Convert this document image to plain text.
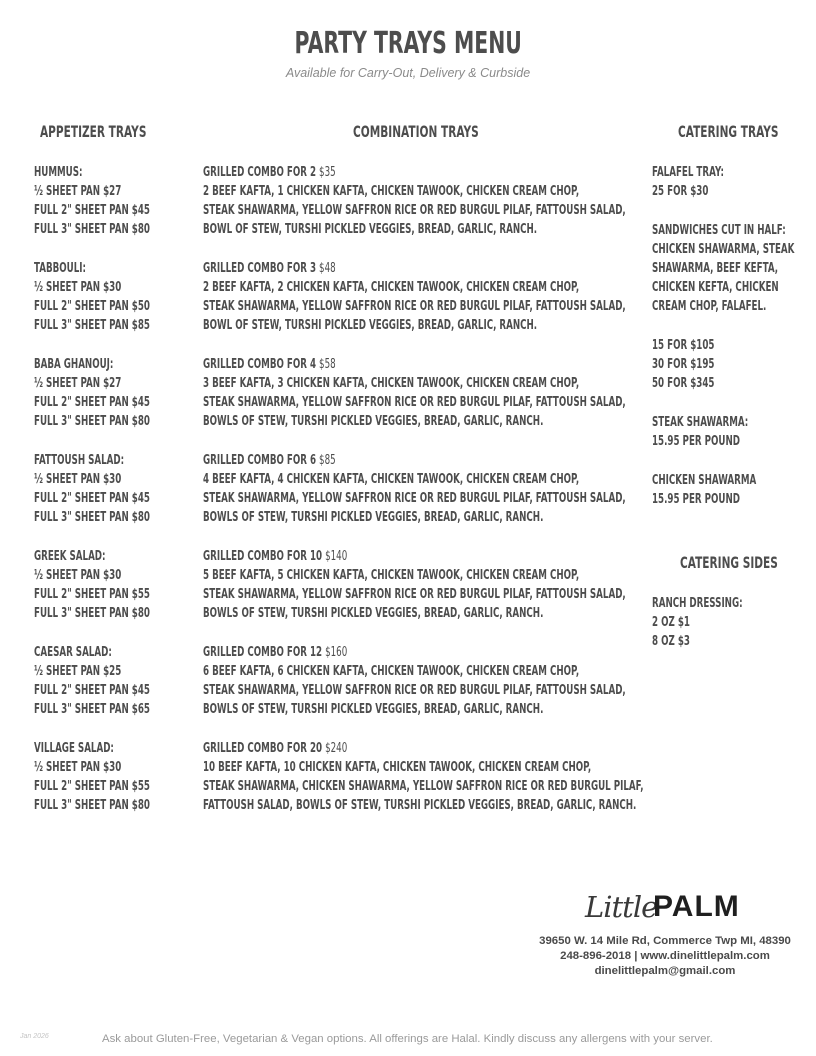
PARTY TRAYS MENU
Available for Carry-Out, Delivery & Curbside
APPETIZER TRAYS	COMBINATION TRAYS	CATERING TRAYS
CATERING SIDES
HUMMUS:
½ SHEET PAN $27
FULL 2" SHEET PAN $45
FULL 3" SHEET PAN $80
TABBOULI:
½ SHEET PAN $30
FULL 2" SHEET PAN $50
FULL 3" SHEET PAN $85
BABA GHANOUJ:
½ SHEET PAN $27
FULL 2" SHEET PAN $45
FULL 3" SHEET PAN $80
FATTOUSH SALAD:
½ SHEET PAN $30
FULL 2" SHEET PAN $45
FULL 3" SHEET PAN $80
GREEK SALAD:
½ SHEET PAN $30
FULL 2" SHEET PAN $55
FULL 3" SHEET PAN $80
CAESAR SALAD:
½ SHEET PAN $25
FULL 2" SHEET PAN $45
FULL 3" SHEET PAN $65
VILLAGE SALAD:
½ SHEET PAN $30
FULL 2" SHEET PAN $55
FULL 3" SHEET PAN $80
GRILLED COMBO FOR 2 $35
2 BEEF KAFTA, 1 CHICKEN KAFTA, CHICKEN TAWOOK, CHICKEN CREAM CHOP,
STEAK SHAWARMA, YELLOW SAFFRON RICE OR RED BURGUL PILAF, FATTOUSH SALAD,
BOWL OF STEW, TURSHI PICKLED VEGGIES, BREAD, GARLIC, RANCH.
GRILLED COMBO FOR 3 $48
2 BEEF KAFTA, 2 CHICKEN KAFTA, CHICKEN TAWOOK, CHICKEN CREAM CHOP,
STEAK SHAWARMA, YELLOW SAFFRON RICE OR RED BURGUL PILAF, FATTOUSH SALAD,
BOWL OF STEW, TURSHI PICKLED VEGGIES, BREAD, GARLIC, RANCH.
GRILLED COMBO FOR 4 $58
3 BEEF KAFTA, 3 CHICKEN KAFTA, CHICKEN TAWOOK, CHICKEN CREAM CHOP,
STEAK SHAWARMA, YELLOW SAFFRON RICE OR RED BURGUL PILAF, FATTOUSH SALAD,
BOWLS OF STEW, TURSHI PICKLED VEGGIES, BREAD, GARLIC, RANCH.
GRILLED COMBO FOR 6 $85
4 BEEF KAFTA, 4 CHICKEN KAFTA, CHICKEN TAWOOK, CHICKEN CREAM CHOP,
STEAK SHAWARMA, YELLOW SAFFRON RICE OR RED BURGUL PILAF, FATTOUSH SALAD,
BOWLS OF STEW, TURSHI PICKLED VEGGIES, BREAD, GARLIC, RANCH.
GRILLED COMBO FOR 10 $140
5 BEEF KAFTA, 5 CHICKEN KAFTA, CHICKEN TAWOOK, CHICKEN CREAM CHOP,
STEAK SHAWARMA, YELLOW SAFFRON RICE OR RED BURGUL PILAF, FATTOUSH SALAD,
BOWLS OF STEW, TURSHI PICKLED VEGGIES, BREAD, GARLIC, RANCH.
GRILLED COMBO FOR 12 $160
6 BEEF KAFTA, 6 CHICKEN KAFTA, CHICKEN TAWOOK, CHICKEN CREAM CHOP,
STEAK SHAWARMA, YELLOW SAFFRON RICE OR RED BURGUL PILAF, FATTOUSH SALAD,
BOWLS OF STEW, TURSHI PICKLED VEGGIES, BREAD, GARLIC, RANCH.
GRILLED COMBO FOR 20 $240
10 BEEF KAFTA, 10 CHICKEN KAFTA, CHICKEN TAWOOK, CHICKEN CREAM CHOP,
STEAK SHAWARMA, CHICKEN SHAWARMA, YELLOW SAFFRON RICE OR RED BURGUL PILAF,
FATTOUSH SALAD, BOWLS OF STEW, TURSHI PICKLED VEGGIES, BREAD, GARLIC, RANCH.
FALAFEL TRAY:
25 FOR $30
SANDWICHES CUT IN HALF:
CHICKEN SHAWARMA, STEAK
SHAWARMA, BEEF KEFTA,
CHICKEN KEFTA, CHICKEN
CREAM CHOP, FALAFEL.
15 FOR $105
30 FOR $195
50 FOR $345
STEAK SHAWARMA:
15.95 PER POUND
CHICKEN SHAWARMA
15.95 PER POUND
RANCH DRESSING:
2 OZ $1
8 OZ $3
Little
PALM
39650 W. 14 Mile Rd, Commerce Twp MI, 48390
248-896-2018 | www.dinelittlepalm.com
dinelittlepalm@gmail.com
Jan 2026	Ask about Gluten-Free, Vegetarian & Vegan options. All offerings are Halal. Kindly discuss any allergens with your server.
